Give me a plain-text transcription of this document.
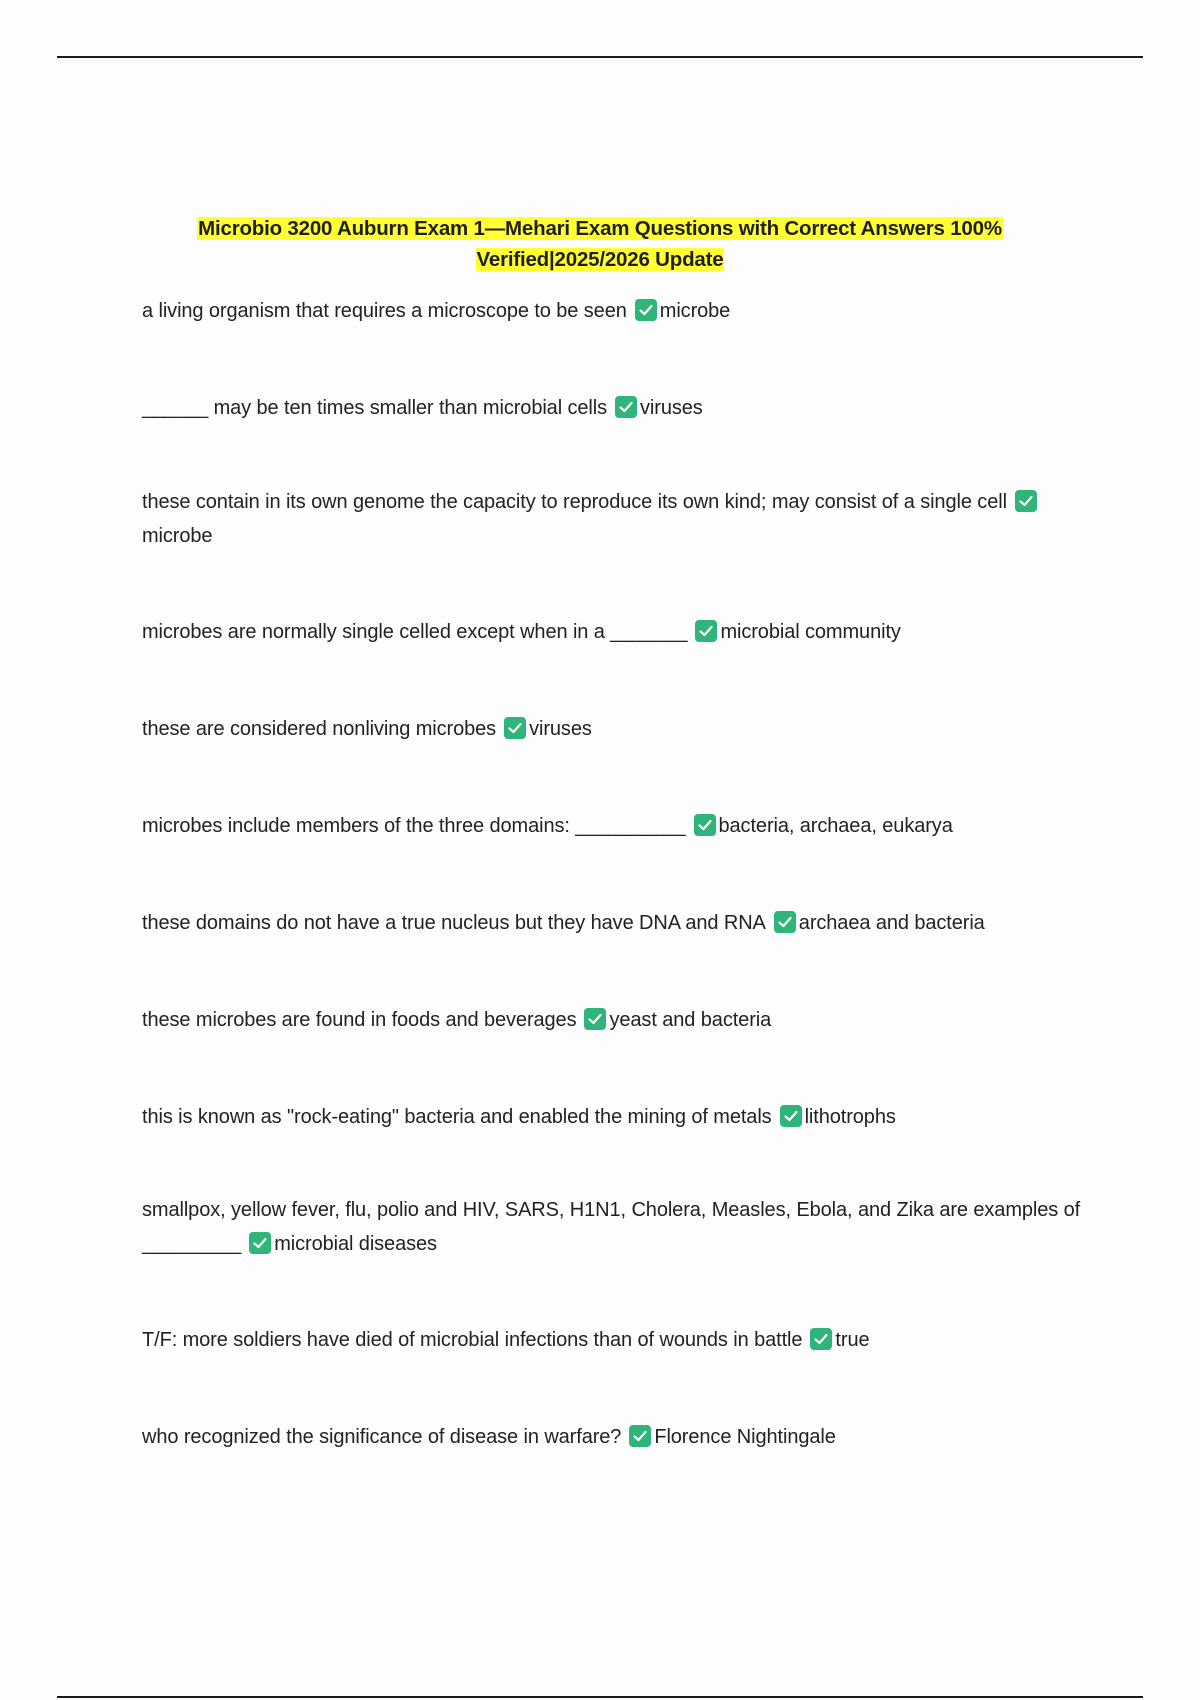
Microbio 3200 Auburn Exam 1—Mehari Exam Questions with Correct Answers 100%
Verified|2025/2026 Update
a living organism that requires a microscope to be seen microbe
______ may be ten times smaller than microbial cells viruses
these contain in its own genome the capacity to reproduce its own kind; may consist of a single cell
microbe
microbes are normally single celled except when in a _______ microbial community
these are considered nonliving microbes viruses
microbes include members of the three domains: __________ bacteria, archaea, eukarya
these domains do not have a true nucleus but they have DNA and RNA archaea and bacteria
these microbes are found in foods and beverages yeast and bacteria
this is known as "rock-eating" bacteria and enabled the mining of metals lithotrophs
smallpox, yellow fever, flu, polio and HIV, SARS, H1N1, Cholera, Measles, Ebola, and Zika are examples of _________ microbial diseases
T/F: more soldiers have died of microbial infections than of wounds in battle true
who recognized the significance of disease in warfare? Florence Nightingale
